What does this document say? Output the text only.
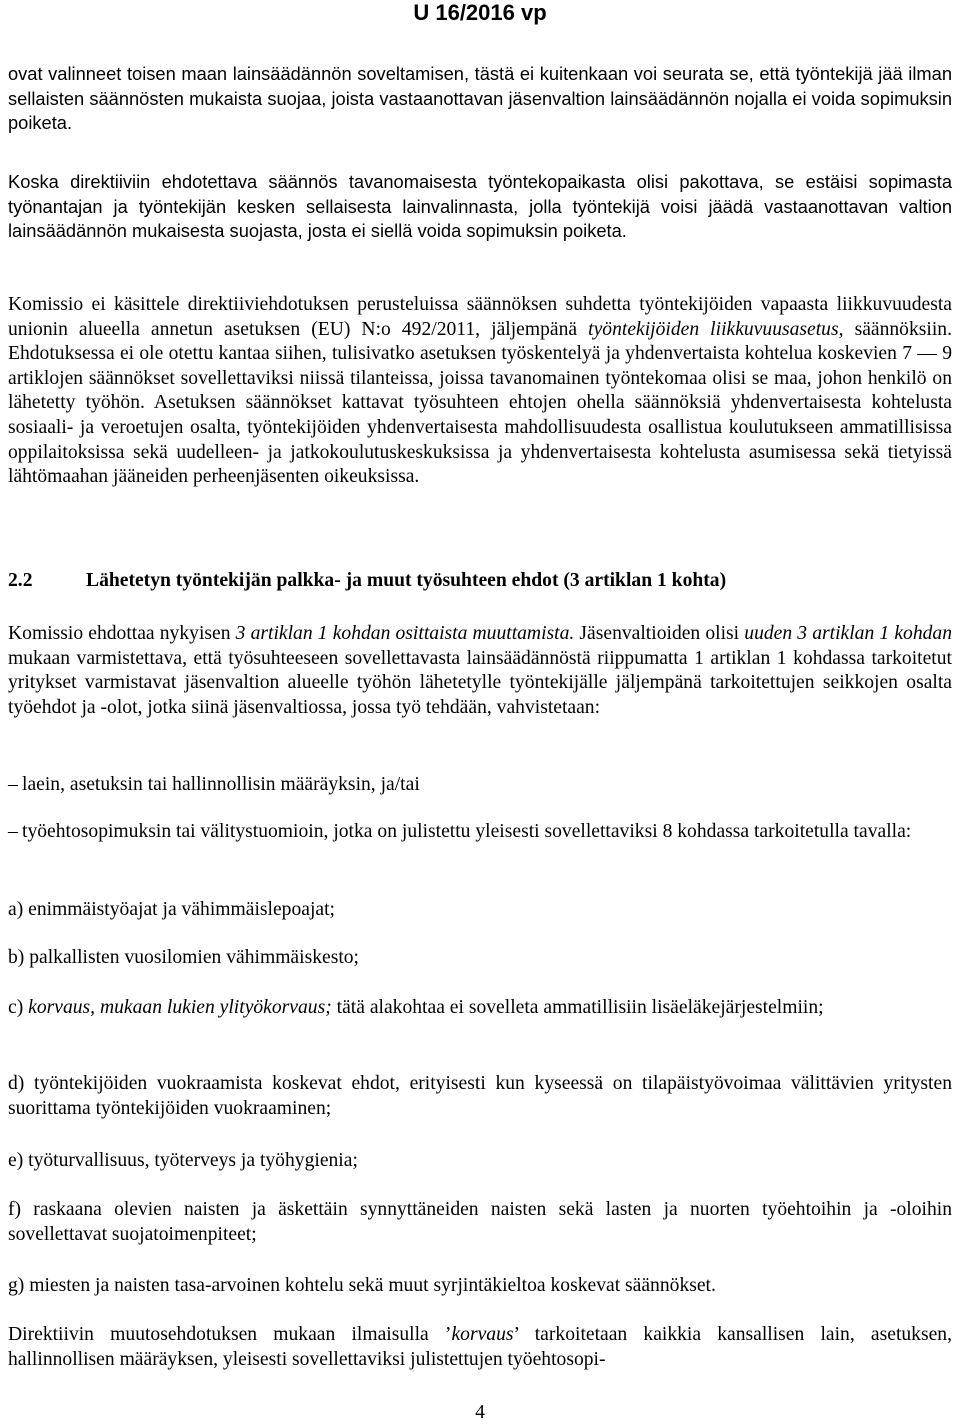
U 16/2016 vp

ovat valinneet toisen maan lainsäädännön soveltamisen, tästä ei kuitenkaan voi seurata se, että työntekijä jää ilman sellaisten säännösten mukaista suojaa, joista vastaanottavan jäsenvaltion lainsäädännön nojalla ei voida sopimuksin poiketa.

Koska direktiiviin ehdotettava säännös tavanomaisesta työntekopaikasta olisi pakottava, se estäisi sopimasta työnantajan ja työntekijän kesken sellaisesta lainvalinnasta, jolla työntekijä voisi jäädä vastaanottavan valtion lainsäädännön mukaisesta suojasta, josta ei siellä voida sopimuksin poiketa.

Komissio ei käsittele direktiiviehdotuksen perusteluissa säännöksen suhdetta työntekijöiden vapaasta liikkuvuudesta unionin alueella annetun asetuksen (EU) N:o 492/2011, jäljempänä työntekijöiden liikkuvuusasetus, säännöksiin. Ehdotuksessa ei ole otettu kantaa siihen, tulisivatko asetuksen työskentelyä ja yhdenvertaista kohtelua koskevien 7 — 9 artiklojen säännökset sovellettaviksi niissä tilanteissa, joissa tavanomainen työntekomaa olisi se maa, johon henkilö on lähetetty työhön. Asetuksen säännökset kattavat työsuhteen ehtojen ohella säännöksiä yhdenvertaisesta kohtelusta sosiaali- ja veroetujen osalta, työntekijöiden yhdenvertaisesta mahdollisuudesta osallistua koulutukseen ammatillisissa oppilaitoksissa sekä uudelleen- ja jatkokoulutuskeskuksissa ja yhdenvertaisesta kohtelusta asumisessa sekä tietyissä lähtömaahan jääneiden perheenjäsenten oikeuksissa.

2.2	Lähetetyn työntekijän palkka- ja muut työsuhteen ehdot (3 artiklan 1 kohta)

Komissio ehdottaa nykyisen 3 artiklan 1 kohdan osittaista muuttamista. Jäsenvaltioiden olisi uuden 3 artiklan 1 kohdan mukaan varmistettava, että työsuhteeseen sovellettavasta lainsäädännöstä riippumatta 1 artiklan 1 kohdassa tarkoitetut yritykset varmistavat jäsenvaltion alueelle työhön lähetetylle työntekijälle jäljempänä tarkoitettujen seikkojen osalta työehdot ja -olot, jotka siinä jäsenvaltiossa, jossa työ tehdään, vahvistetaan:

– laein, asetuksin tai hallinnollisin määräyksin, ja/tai

– työehtosopimuksin tai välitystuomioin, jotka on julistettu yleisesti sovellettaviksi 8 kohdassa tarkoitetulla tavalla:

a) enimmäistyöajat ja vähimmäislepoajat;

b) palkallisten vuosilomien vähimmäiskesto;

c) korvaus, mukaan lukien ylityökorvaus; tätä alakohtaa ei sovelleta ammatillisiin lisäeläkejärjestelmiin;

d) työntekijöiden vuokraamista koskevat ehdot, erityisesti kun kyseessä on tilapäistyövoimaa välittävien yritysten suorittama työntekijöiden vuokraaminen;

e) työturvallisuus, työterveys ja työhygienia;

f) raskaana olevien naisten ja äskettäin synnyttäneiden naisten sekä lasten ja nuorten työehtoihin ja -oloihin sovellettavat suojatoimenpiteet;

g) miesten ja naisten tasa-arvoinen kohtelu sekä muut syrjintäkieltoa koskevat säännökset.

Direktiivin muutosehdotuksen mukaan ilmaisulla ’korvaus’ tarkoitetaan kaikkia kansallisen lain, asetuksen, hallinnollisen määräyksen, yleisesti sovellettaviksi julistettujen työehtosopi-

4
